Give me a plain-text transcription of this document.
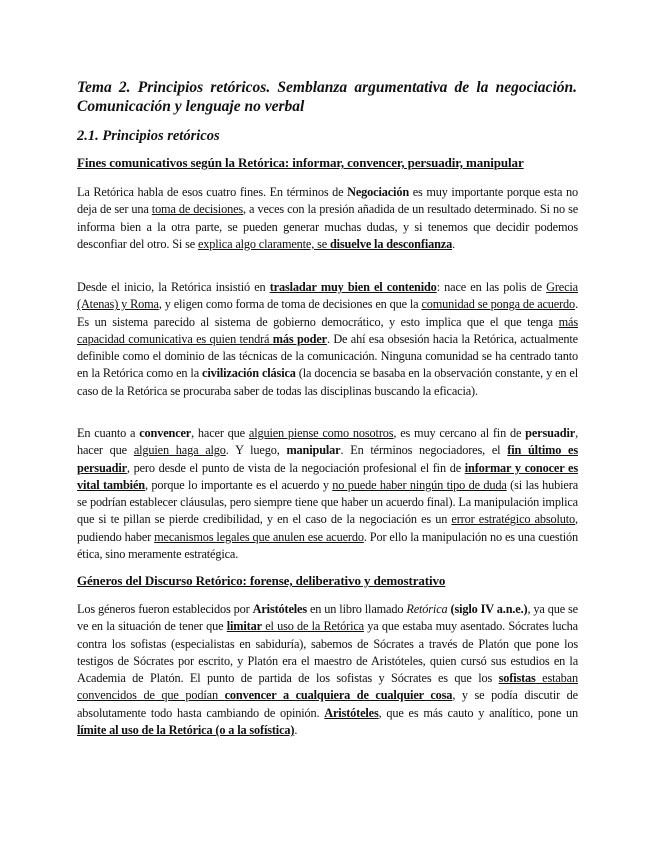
Tema 2. Principios retóricos. Semblanza argumentativa de la negociación. Comunicación y lenguaje no verbal
2.1. Principios retóricos
Fines comunicativos según la Retórica: informar, convencer, persuadir, manipular
La Retórica habla de esos cuatro fines. En términos de Negociación es muy importante porque esta no deja de ser una toma de decisiones, a veces con la presión añadida de un resultado determinado. Si no se informa bien a la otra parte, se pueden generar muchas dudas, y si tenemos que decidir podemos desconfiar del otro. Si se explica algo claramente, se disuelve la desconfianza.
Desde el inicio, la Retórica insistió en trasladar muy bien el contenido: nace en las polis de Grecia (Atenas) y Roma, y eligen como forma de toma de decisiones en que la comunidad se ponga de acuerdo. Es un sistema parecido al sistema de gobierno democrático, y esto implica que el que tenga más capacidad comunicativa es quien tendrá más poder. De ahí esa obsesión hacia la Retórica, actualmente definible como el dominio de las técnicas de la comunicación. Ninguna comunidad se ha centrado tanto en la Retórica como en la civilización clásica (la docencia se basaba en la observación constante, y en el caso de la Retórica se procuraba saber de todas las disciplinas buscando la eficacia).
En cuanto a convencer, hacer que alguien piense como nosotros, es muy cercano al fin de persuadir, hacer que alguien haga algo. Y luego, manipular. En términos negociadores, el fin último es persuadir, pero desde el punto de vista de la negociación profesional el fin de informar y conocer es vital también, porque lo importante es el acuerdo y no puede haber ningún tipo de duda (si las hubiera se podrían establecer cláusulas, pero siempre tiene que haber un acuerdo final). La manipulación implica que si te pillan se pierde credibilidad, y en el caso de la negociación es un error estratégico absoluto, pudiendo haber mecanismos legales que anulen ese acuerdo. Por ello la manipulación no es una cuestión ética, sino meramente estratégica.
Géneros del Discurso Retórico: forense, deliberativo y demostrativo
Los géneros fueron establecidos por Aristóteles en un libro llamado Retórica (siglo IV a.n.e.), ya que se ve en la situación de tener que limitar el uso de la Retórica ya que estaba muy asentado. Sócrates lucha contra los sofistas (especialistas en sabiduría), sabemos de Sócrates a través de Platón que pone los testigos de Sócrates por escrito, y Platón era el maestro de Aristóteles, quien cursó sus estudios en la Academia de Platón. El punto de partida de los sofistas y Sócrates es que los sofistas estaban convencidos de que podían convencer a cualquiera de cualquier cosa, y se podía discutir de absolutamente todo hasta cambiando de opinión. Aristóteles, que es más cauto y analítico, pone un límite al uso de la Retórica (o a la sofística).
